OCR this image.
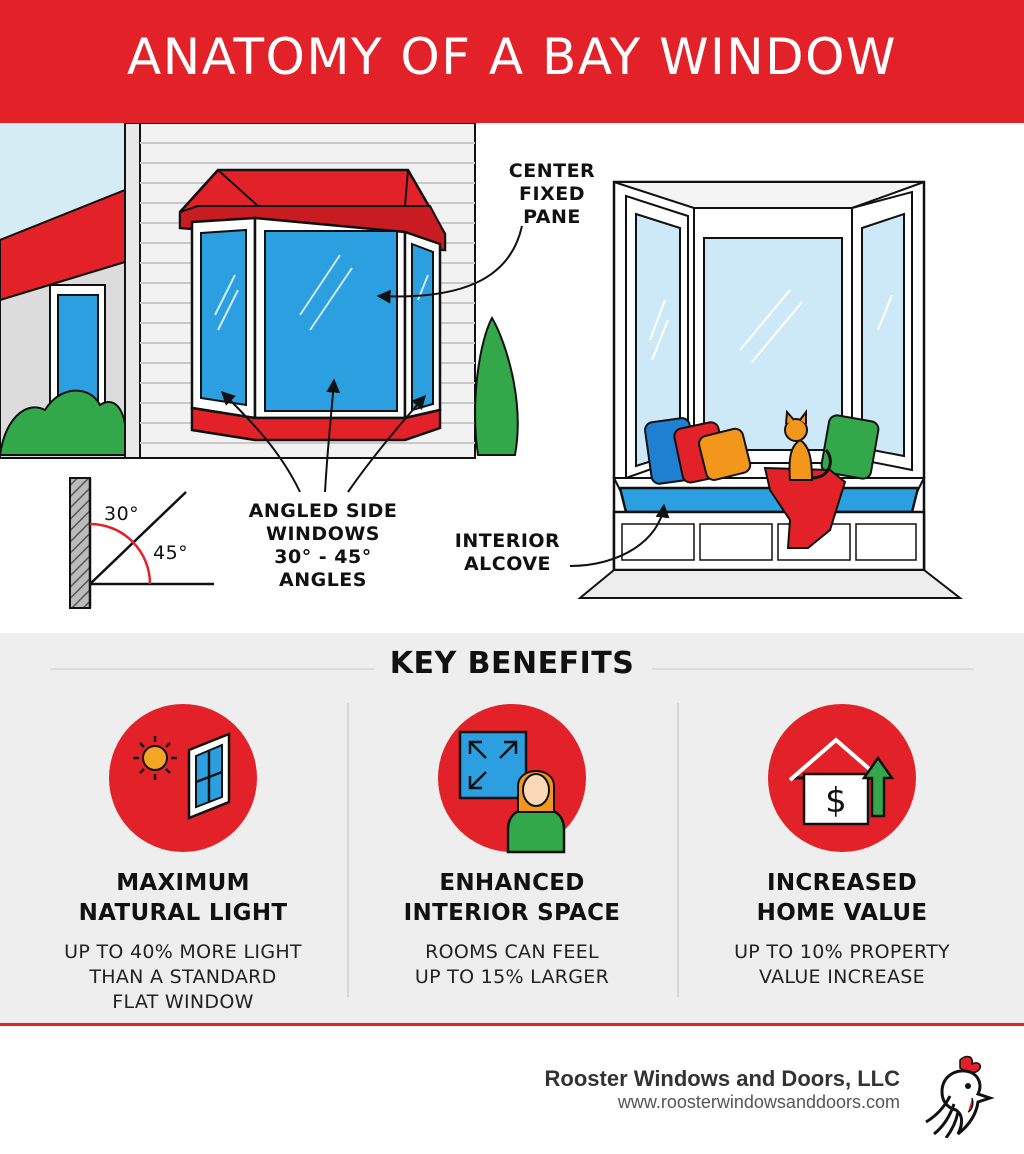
ANATOMY OF A BAY WINDOW
CENTER
FIXED
PANE
ANGLED SIDE
WINDOWS
30° - 45°
ANGLES
INTERIOR
ALCOVE
30°
45°
KEY BENEFITS
MAXIMUM
NATURAL LIGHT
UP TO 40% MORE LIGHT
THAN A STANDARD
FLAT WINDOW
ENHANCED
INTERIOR SPACE
ROOMS CAN FEEL
UP TO 15% LARGER
$
INCREASED
HOME VALUE
UP TO 10% PROPERTY
VALUE INCREASE
Rooster Windows and Doors, LLC
www.roosterwindowsanddoors.com
